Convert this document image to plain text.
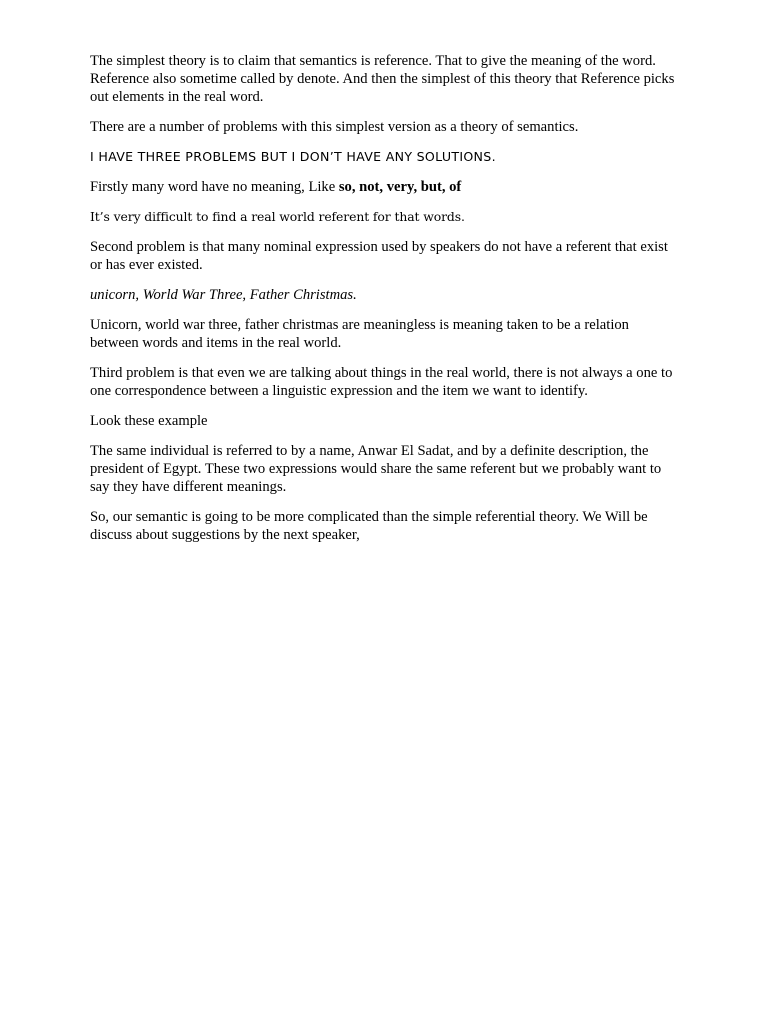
The simplest theory is to claim that semantics is reference. That to give the meaning of the word. Reference also sometime called by denote. And then the simplest of this theory that Reference picks out elements in the real word.

There are a number of problems with this simplest version as a theory of semantics.

I HAVE THREE PROBLEMS BUT I DON’T HAVE ANY SOLUTIONS.

Firstly many word have no meaning, Like so, not, very, but, of

It’s very difficult to find a real world referent for that words.

Second problem is that many nominal expression used by speakers do not have a referent that exist or has ever existed.

unicorn, World War Three, Father Christmas.

Unicorn, world war three, father christmas are meaningless is meaning taken to be a relation between words and items in the real world.

Third problem is that even we are talking about things in the real world, there is not always a one to one correspondence between a linguistic expression and the item we want to identify.

Look these example

The same individual is referred to by a name, Anwar El Sadat, and by a definite description, the president of Egypt. These two expressions would share the same referent but we probably want to say they have different meanings.

So, our semantic is going to be more complicated than the simple referential theory. We Will be discuss about suggestions by the next speaker,
